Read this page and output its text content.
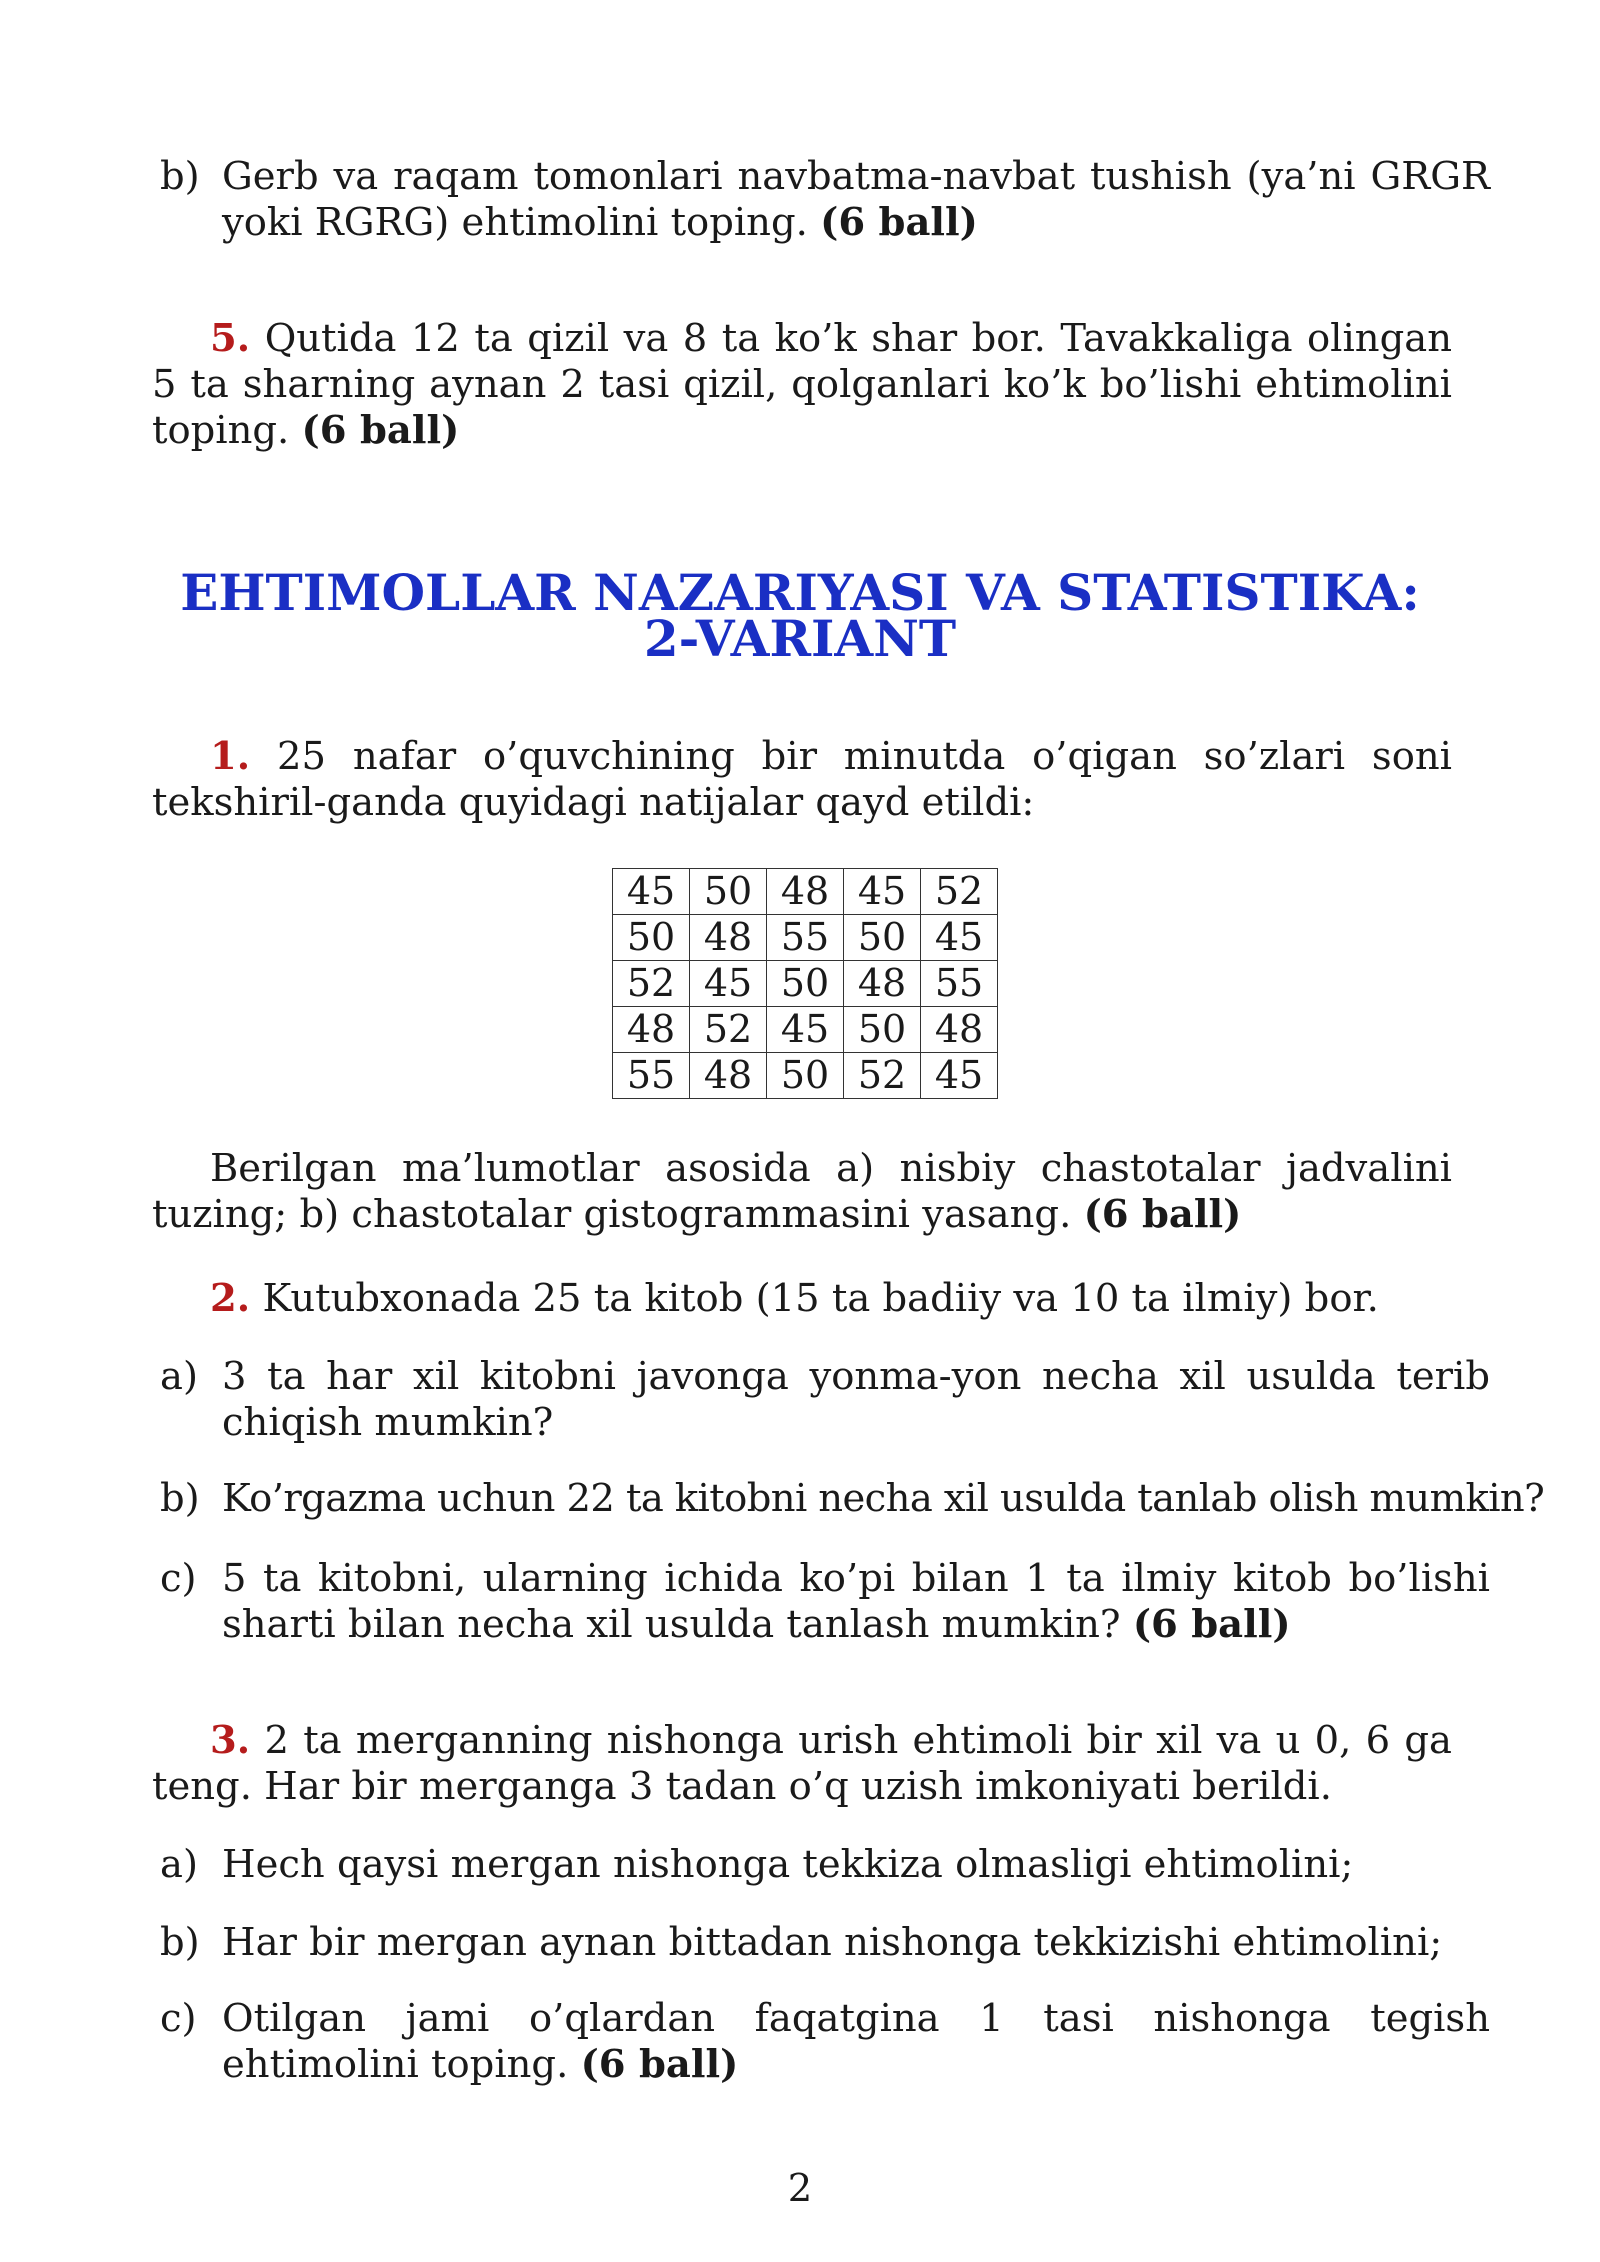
b) Gerb va raqam tomonlari navbatma-navbat tushish (ya’ni GRGR yoki RGRG) ehtimolini toping. (6 ball)
5. Qutida 12 ta qizil va 8 ta ko’k shar bor. Tavakkaliga olingan 5 ta sharning aynan 2 tasi qizil, qolganlari ko’k bo’lishi ehtimolini toping. (6 ball)
EHTIMOLLAR NAZARIYASI VA STATISTIKA:
2-VARIANT
1. 25 nafar o’quvchining bir minutda o’qigan so’zlari soni tekshiril-ganda quyidagi natijalar qayd etildi:
45	50	48	45	52
50	48	55	50	45
52	45	50	48	55
48	52	45	50	48
55	48	50	52	45
Berilgan ma’lumotlar asosida a) nisbiy chastotalar jadvalini tuzing; b) chastotalar gistogrammasini yasang. (6 ball)
2. Kutubxonada 25 ta kitob (15 ta badiiy va 10 ta ilmiy) bor.
a) 3 ta har xil kitobni javonga yonma-yon necha xil usulda terib chiqish mumkin?
b) Ko’rgazma uchun 22 ta kitobni necha xil usulda tanlab olish mumkin?
c) 5 ta kitobni, ularning ichida ko’pi bilan 1 ta ilmiy kitob bo’lishi sharti bilan necha xil usulda tanlash mumkin? (6 ball)
3. 2 ta merganning nishonga urish ehtimoli bir xil va u 0, 6 ga teng. Har bir merganga 3 tadan o’q uzish imkoniyati berildi.
a) Hech qaysi mergan nishonga tekkiza olmasligi ehtimolini;
b) Har bir mergan aynan bittadan nishonga tekkizishi ehtimolini;
c) Otilgan jami o’qlardan faqatgina 1 tasi nishonga tegish ehtimolini toping. (6 ball)
2
